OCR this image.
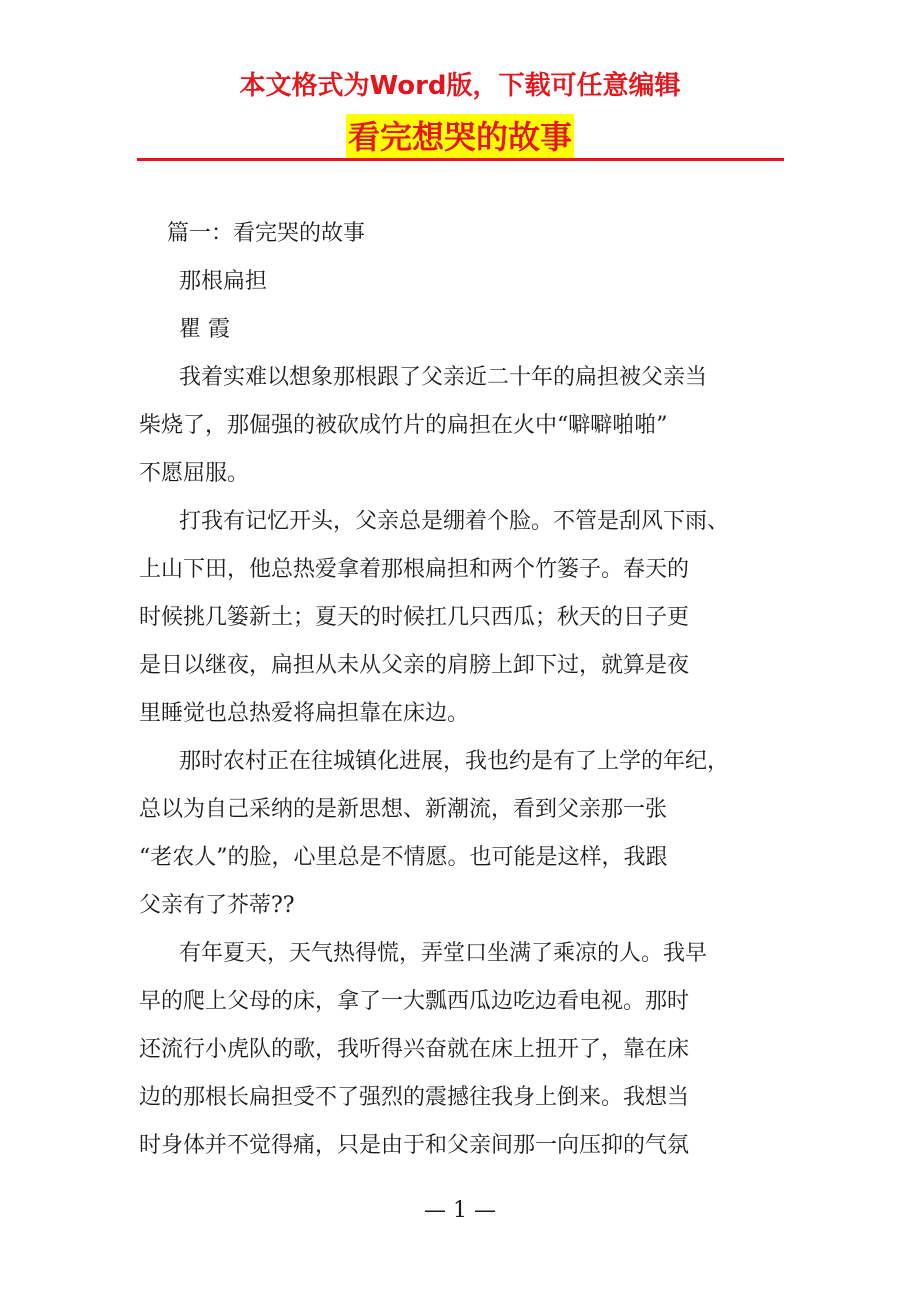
本文格式为Word版，下载可任意编辑
看完想哭的故事

篇一：看完哭的故事

那根扁担

瞿 霞

我着实难以想象那根跟了父亲近二十年的扁担被父亲当

柴烧了，那倔强的被砍成竹片的扁担在火中“噼噼啪啪”

不愿屈服。

打我有记忆开头，父亲总是绷着个脸。不管是刮风下雨、

上山下田，他总热爱拿着那根扁担和两个竹篓子。春天的

时候挑几篓新土；夏天的时候扛几只西瓜；秋天的日子更

是日以继夜，扁担从未从父亲的肩膀上卸下过，就算是夜

里睡觉也总热爱将扁担靠在床边。

那时农村正在往城镇化进展，我也约是有了上学的年纪，

总以为自己采纳的是新思想、新潮流，看到父亲那一张

“老农人”的脸，心里总是不情愿。也可能是这样，我跟

父亲有了芥蒂??

有年夏天，天气热得慌，弄堂口坐满了乘凉的人。我早

早的爬上父母的床，拿了一大瓢西瓜边吃边看电视。那时

还流行小虎队的歌，我听得兴奋就在床上扭开了，靠在床

边的那根长扁担受不了强烈的震撼往我身上倒来。我想当

时身体并不觉得痛，只是由于和父亲间那一向压抑的气氛

— 1 —
